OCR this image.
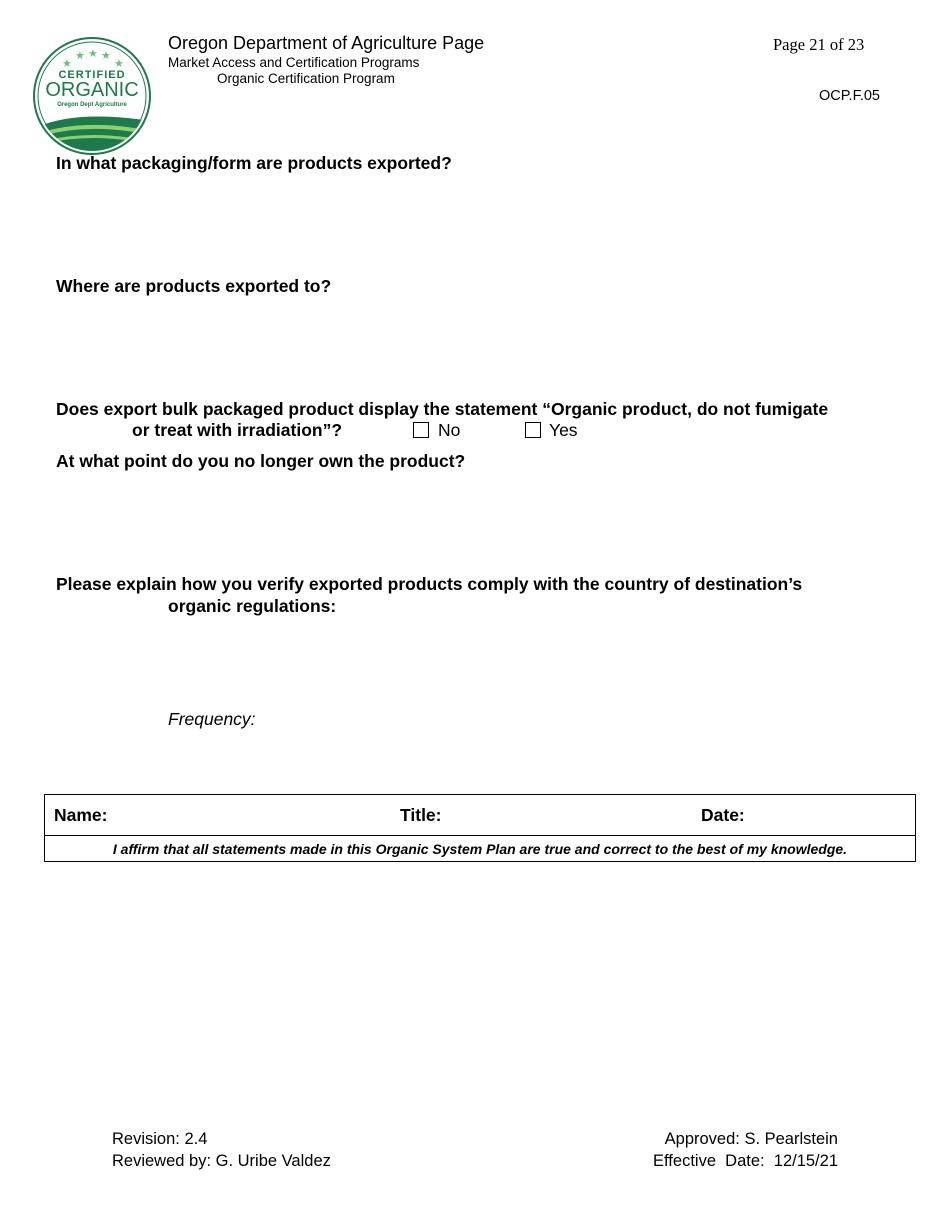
★
★ ★ ★
★
CERTIFIED
ORGANIC
Oregon Dept Agriculture
Oregon Department of Agriculture Page
Market Access and Certification Programs
Organic Certification Program
Page 21 of 23
OCP.F.05
In what packaging/form are products exported?
Where are products exported to?
Does export bulk packaged product display the statement “Organic product, do not fumigate
or treat with irradiation”?	No	Yes
At what point do you no longer own the product?
Please explain how you verify exported products comply with the country of destination’s
organic regulations:
Frequency:
Name:	Title:	Date:
I affirm that all statements made in this Organic System Plan are true and correct to the best of my knowledge.
Revision: 2.4
Reviewed by: G. Uribe Valdez
Approved: S. Pearlstein
Effective  Date:  12/15/21
